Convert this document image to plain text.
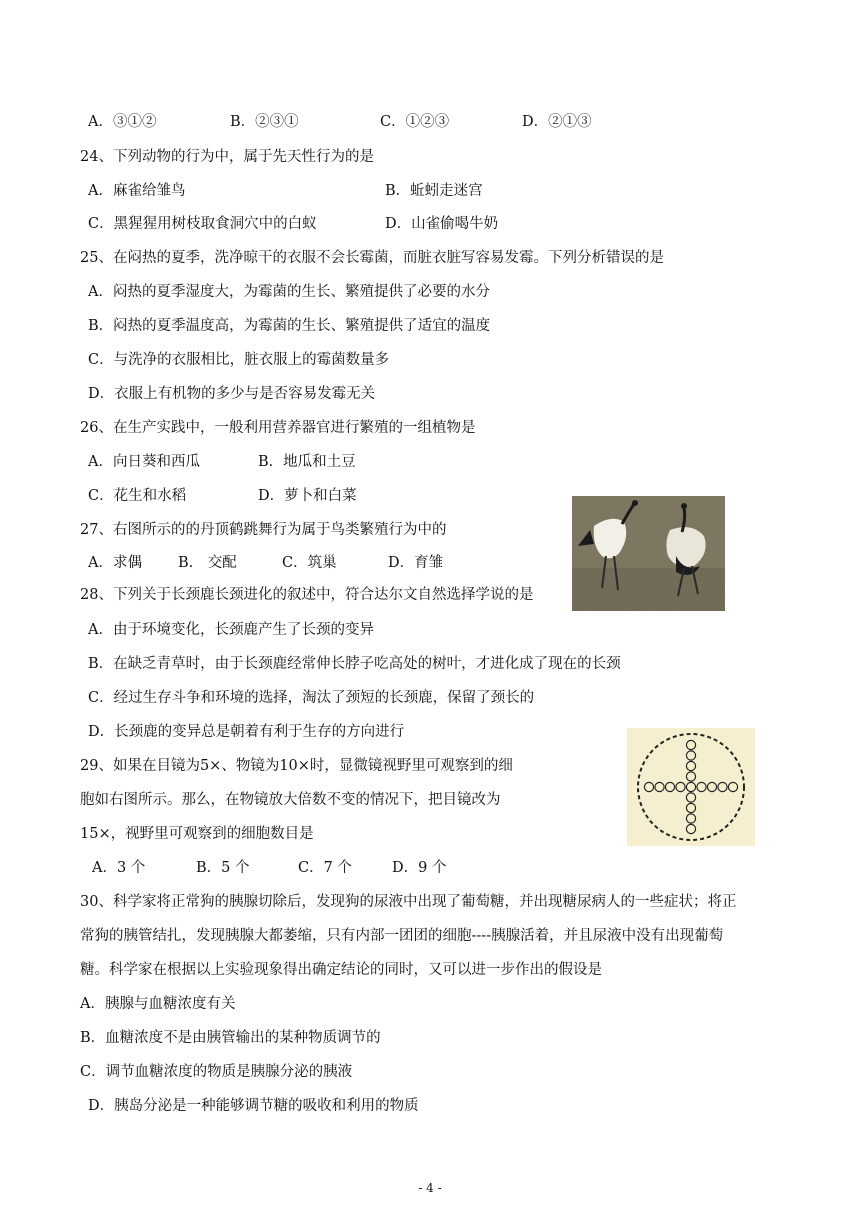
A．③①②	B．②③①	C．①②③	D．②①③
24、下列动物的行为中，属于先天性行为的是
A．麻雀给雏鸟	B．蚯蚓走迷宫
C．黑猩猩用树枝取食洞穴中的白蚁	D．山雀偷喝牛奶
25、在闷热的夏季，洗净晾干的衣服不会长霉菌，而脏衣脏写容易发霉。下列分析错误的是
A．闷热的夏季湿度大，为霉菌的生长、繁殖提供了必要的水分
B．闷热的夏季温度高，为霉菌的生长、繁殖提供了适宜的温度
C．与洗净的衣服相比，脏衣服上的霉菌数量多
D．衣服上有机物的多少与是否容易发霉无关
26、在生产实践中，一般利用营养器官进行繁殖的一组植物是
A．向日葵和西瓜	B．地瓜和土豆
C．花生和水稻	D．萝卜和白菜
27、右图所示的的丹顶鹤跳舞行为属于鸟类繁殖行为中的
A．求偶 B.　交配	C．筑巢	D．育雏
28、下列关于长颈鹿长颈进化的叙述中，符合达尔文自然选择学说的是
A．由于环境变化，长颈鹿产生了长颈的变异
B．在缺乏青草时，由于长颈鹿经常伸长脖子吃高处的树叶，才进化成了现在的长颈
C．经过生存斗争和环境的选择，淘汰了颈短的长颈鹿，保留了颈长的
D．长颈鹿的变异总是朝着有利于生存的方向进行
29、如果在目镜为5×、物镜为10×时，显微镜视野里可观察到的细
胞如右图所示。那么，在物镜放大倍数不变的情况下，把目镜改为
15×，视野里可观察到的细胞数目是
A．3 个	B．5 个	C．7 个	D．9 个
30、科学家将正常狗的胰腺切除后，发现狗的尿液中出现了葡萄糖，并出现糖尿病人的一些症状；将正
常狗的胰管结扎，发现胰腺大都萎缩，只有内部一团团的细胞----胰腺活着，并且尿液中没有出现葡萄
糖。科学家在根据以上实验现象得出确定结论的同时，又可以进一步作出的假设是
A．胰腺与血糖浓度有关
B．血糖浓度不是由胰管输出的某种物质调节的
C．调节血糖浓度的物质是胰腺分泌的胰液
D．胰岛分泌是一种能够调节糖的吸收和利用的物质
- 4 -
